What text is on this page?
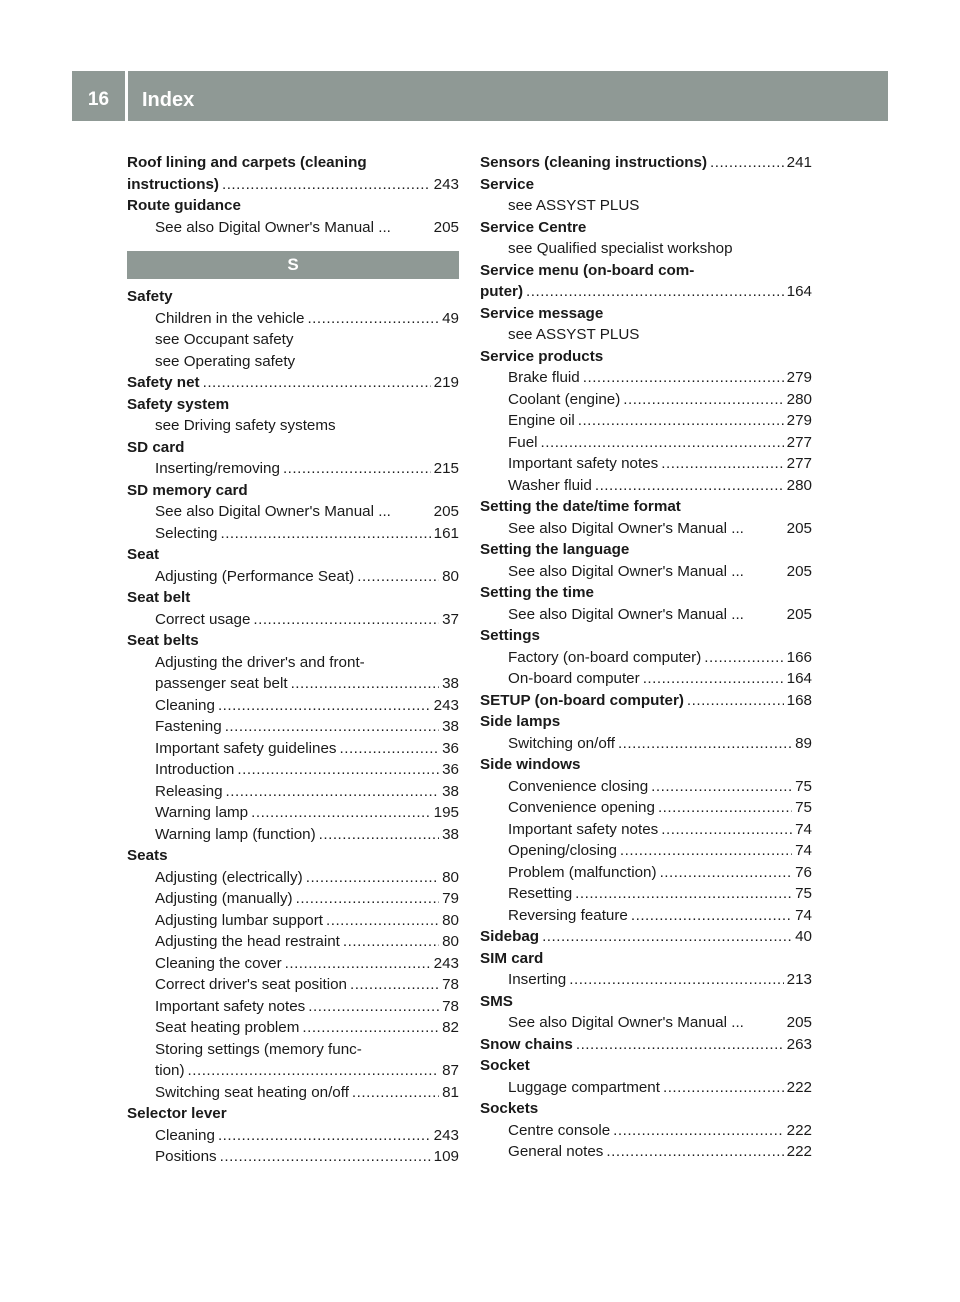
16	Index
Roof lining and carpets (cleaning
instructions) .....	243
Route guidance
See also Digital Owner's Manual ...	205
S
Safety
Children in the vehicle .....	49
see Occupant safety
see Operating safety
Safety net .....	219
Safety system
see Driving safety systems
SD card
Inserting/removing .....	215
SD memory card
See also Digital Owner's Manual ...	205
Selecting .....	161
Seat
Adjusting (Performance Seat) .....	80
Seat belt
Correct usage .....	37
Seat belts
Adjusting the driver's and front-
passenger seat belt .....	38
Cleaning .....	243
Fastening .....	38
Important safety guidelines .....	36
Introduction .....	36
Releasing .....	38
Warning lamp .....	195
Warning lamp (function) .....	38
Seats
Adjusting (electrically) .....	80
Adjusting (manually) .....	79
Adjusting lumbar support .....	80
Adjusting the head restraint .....	80
Cleaning the cover .....	243
Correct driver's seat position .....	78
Important safety notes .....	78
Seat heating problem .....	82
Storing settings (memory func-
tion) .....	87
Switching seat heating on/off .....	81
Selector lever
Cleaning .....	243
Positions .....	109
Sensors (cleaning instructions) .....	241
Service
see ASSYST PLUS
Service Centre
see Qualified specialist workshop
Service menu (on-board com-
puter) .....	164
Service message
see ASSYST PLUS
Service products
Brake fluid .....	279
Coolant (engine) .....	280
Engine oil .....	279
Fuel .....	277
Important safety notes .....	277
Washer fluid .....	280
Setting the date/time format
See also Digital Owner's Manual ...	205
Setting the language
See also Digital Owner's Manual ...	205
Setting the time
See also Digital Owner's Manual ...	205
Settings
Factory (on-board computer) .....	166
On-board computer .....	164
SETUP (on-board computer) .....	168
Side lamps
Switching on/off .....	89
Side windows
Convenience closing .....	75
Convenience opening .....	75
Important safety notes .....	74
Opening/closing .....	74
Problem (malfunction) .....	76
Resetting .....	75
Reversing feature .....	74
Sidebag .....	40
SIM card
Inserting .....	213
SMS
See also Digital Owner's Manual ...	205
Snow chains .....	263
Socket
Luggage compartment .....	222
Sockets
Centre console .....	222
General notes .....	222
